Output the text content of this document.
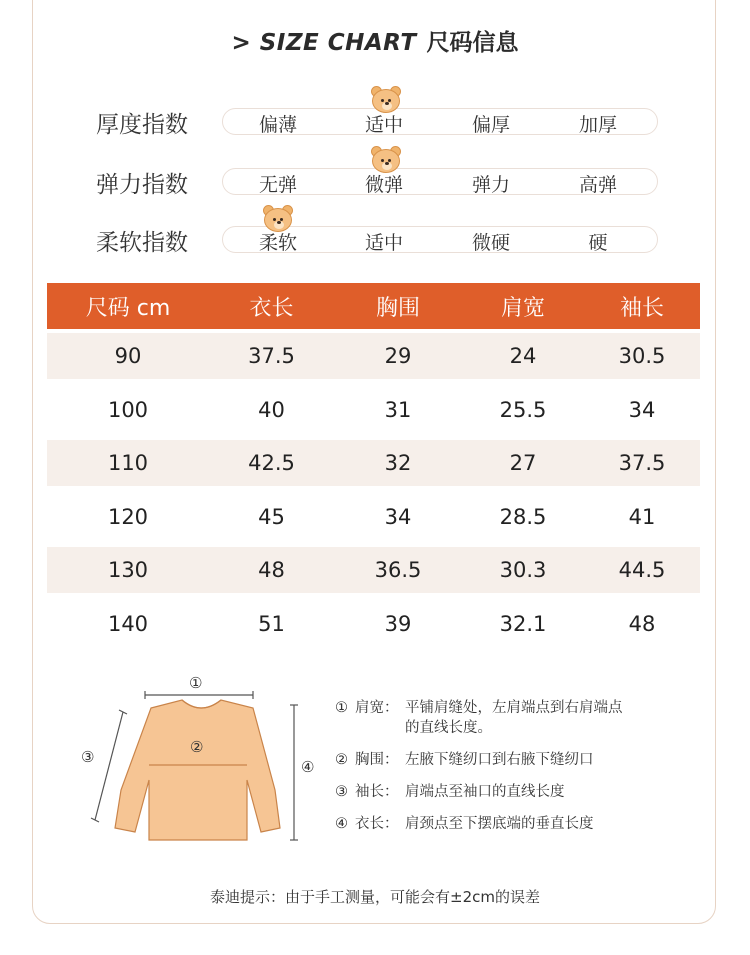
> SIZE CHART 尺码信息
厚度指数	偏薄	适中	偏厚	加厚
弹力指数	无弹	微弹	弹力	高弹
柔软指数	柔软	适中	微硬	硬
尺码 cm	衣长	胸围	肩宽	袖长
90	37.5	29	24	30.5
100	40	31	25.5	34
110	42.5	32	27	37.5
120	45	34	28.5	41
130	48	36.5	30.3	44.5
140	51	39	32.1	48
①
②
③
④
① 肩宽： 平铺肩缝处，左肩端点到右肩端点
的直线长度。
② 胸围： 左腋下缝纫口到右腋下缝纫口
③ 袖长： 肩端点至袖口的直线长度
④ 衣长： 肩颈点至下摆底端的垂直长度
泰迪提示：由于手工测量，可能会有±2cm的误差
